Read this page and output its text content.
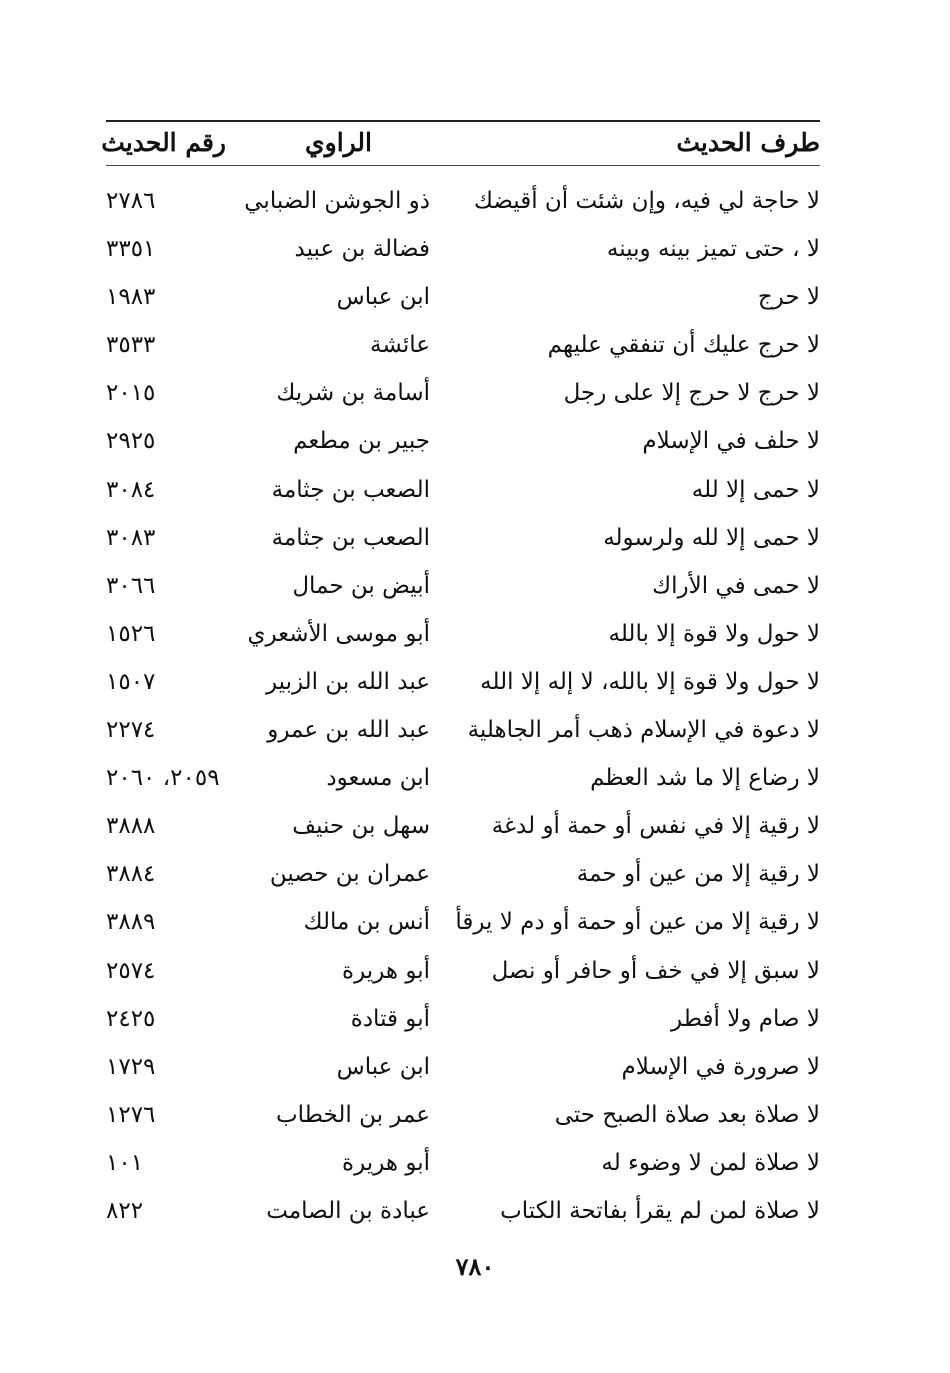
طرف الحديث
الراوي
رقم الحديث
لا حاجة لي فيه، وإن شئت أن أقيضك
ذو الجوشن الضبابي
٢٧٨٦
لا ، حتى تميز بينه وبينه
فضالة بن عبيد
٣٣٥١
لا حرج
ابن عباس
١٩٨٣
لا حرج عليك أن تنفقي عليهم
عائشة
٣٥٣٣
لا حرج لا حرج إلا على رجل
أسامة بن شريك
٢٠١٥
لا حلف في الإسلام
جبير بن مطعم
٢٩٢٥
لا حمى إلا لله
الصعب بن جثامة
٣٠٨٤
لا حمى إلا لله ولرسوله
الصعب بن جثامة
٣٠٨٣
لا حمى في الأراك
أبيض بن حمال
٣٠٦٦
لا حول ولا قوة إلا بالله
أبو موسى الأشعري
١٥٢٦
لا حول ولا قوة إلا بالله، لا إله إلا الله
عبد الله بن الزبير
١٥٠٧
لا دعوة في الإسلام ذهب أمر الجاهلية
عبد الله بن عمرو
٢٢٧٤
لا رضاع إلا ما شد العظم
ابن مسعود
٢٠٥٩، ٢٠٦٠
لا رقية إلا في نفس أو حمة أو لدغة
سهل بن حنيف
٣٨٨٨
لا رقية إلا من عين أو حمة
عمران بن حصين
٣٨٨٤
لا رقية إلا من عين أو حمة أو دم لا يرقأ
أنس بن مالك
٣٨٨٩
لا سبق إلا في خف أو حافر أو نصل
أبو هريرة
٢٥٧٤
لا صام ولا أفطر
أبو قتادة
٢٤٢٥
لا صرورة في الإسلام
ابن عباس
١٧٢٩
لا صلاة بعد صلاة الصبح حتى
عمر بن الخطاب
١٢٧٦
لا صلاة لمن لا وضوء له
أبو هريرة
١٠١
لا صلاة لمن لم يقرأ بفاتحة الكتاب
عبادة بن الصامت
٨٢٢
٧٨٠
